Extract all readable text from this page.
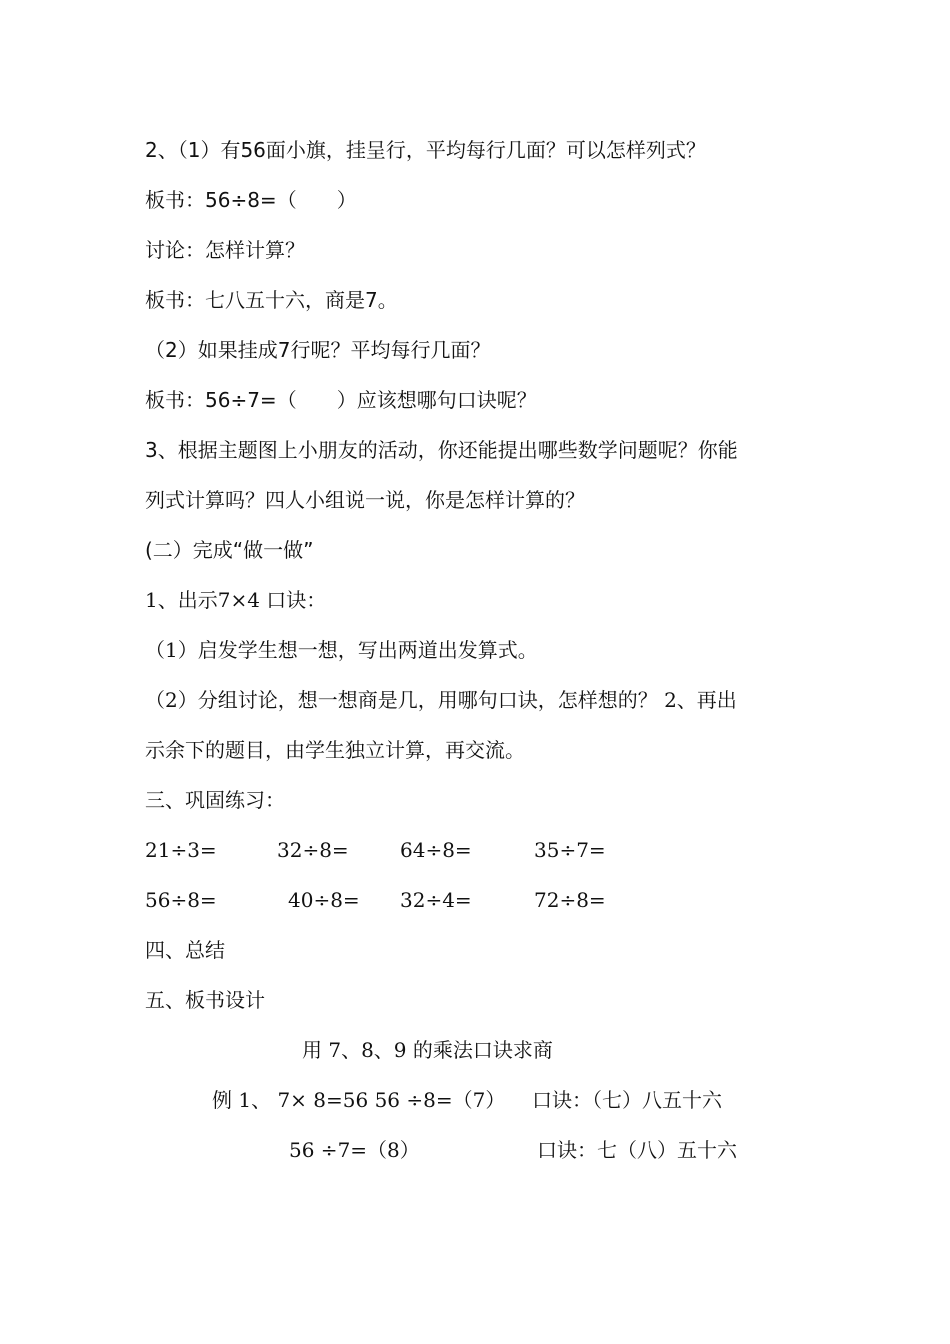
2、（1）有56面小旗，挂呈行，平均每行几面？可以怎样列式？
板书：56÷8=（　　）
讨论：怎样计算？
板书：七八五十六，商是7。
（2）如果挂成7行呢？平均每行几面？
板书：56÷7=（　　）应该想哪句口诀呢？
3、根据主题图上小朋友的活动，你还能提出哪些数学问题呢？你能
列式计算吗？四人小组说一说，你是怎样计算的？
(二）完成“做一做”
1、出示7×4 口诀：
（1）启发学生想一想，写出两道出发算式。
（2）分组讨论，想一想商是几，用哪句口诀，怎样想的？ 2、再出
示余下的题目，由学生独立计算，再交流。
三、巩固练习：
21÷3=	32÷8=	64÷8=	35÷7=
56÷8=	40÷8= 32÷4=	72÷8=
四、总结
五、板书设计
用 7、8、9 的乘法口诀求商
例 1、 7× 8=56 56 ÷8=（7） 口诀：（七）八五十六
56 ÷7=（8）	口诀：七（八）五十六
